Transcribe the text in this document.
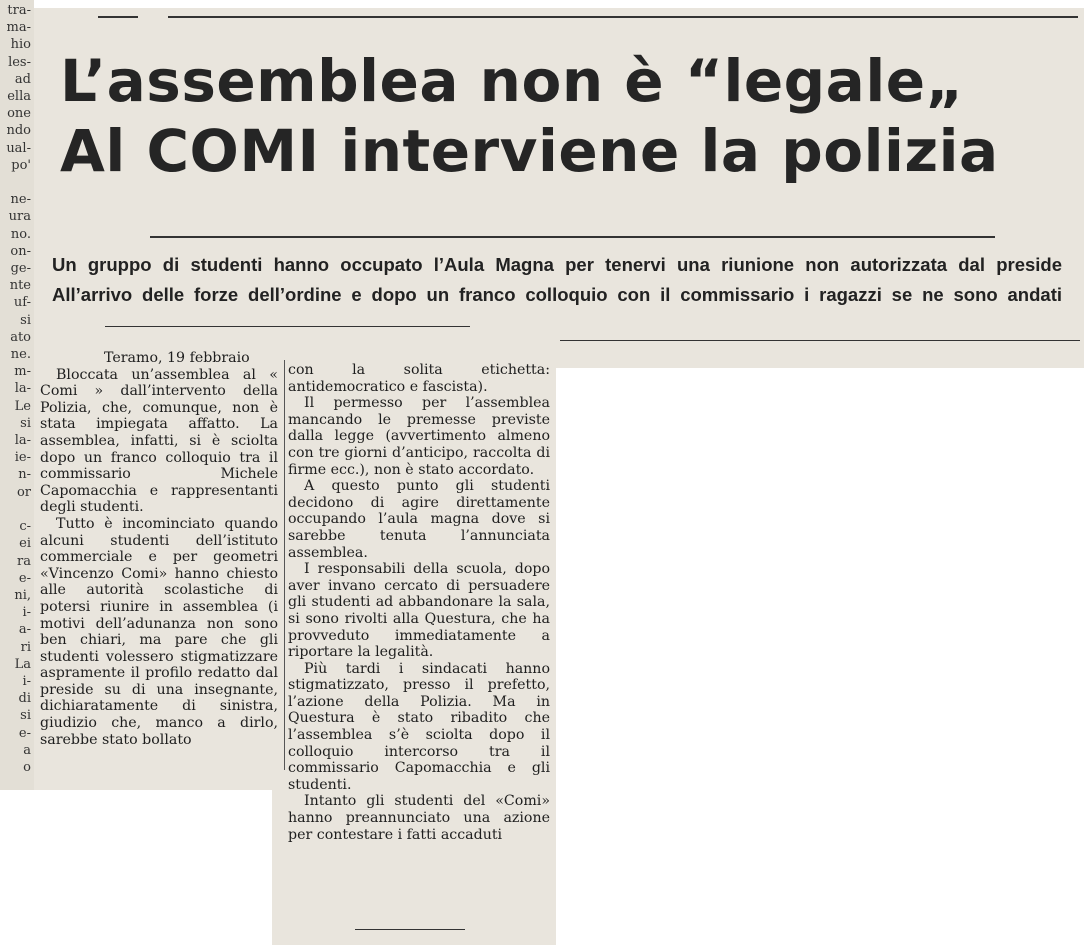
tra-
ma-
hio
les-
ad
ella
one
ndo
ual-
po'

ne-
ura
no.
on-
ge-
nte
uf-
si
ato
ne.
m-
la-
Le
si
la-
ie-
n-
or

c-
ei
ra
e-
ni,
i-
a-
ri
La
i-
di
si
e-
a
o
L’assemblea non è “legale„
Al COMI interviene la polizia
Un gruppo di studenti hanno occupato l’Aula Magna per tenervi una riunione non autorizzata dal preside
All’arrivo delle forze dell’ordine e dopo un franco colloquio con il commissario i ragazzi se ne sono andati

Teramo, 19 febbraio

Bloccata un’assemblea al « Comi » dall’intervento della Polizia, che, comunque, non è stata impiegata affatto. La assemblea, infatti, si è sciolta dopo un franco colloquio tra il commissario Michele Capomacchia e rappresentanti degli studenti.

Tutto è incominciato quando alcuni studenti dell’istituto commerciale e per geometri «Vincenzo Comi» hanno chiesto alle autorità scolastiche di potersi riunire in assemblea (i motivi dell’adunanza non sono ben chiari, ma pare che gli studenti volessero stigmatizzare aspramente il profilo redatto dal preside su di una insegnante, dichiaratamente di sinistra, giudizio che, manco a dirlo, sarebbe stato bollato

con la solita etichetta: antidemocratico e fascista).

Il permesso per l’assemblea mancando le premesse previste dalla legge (avvertimento almeno con tre giorni d’anticipo, raccolta di firme ecc.), non è stato accordato.

A questo punto gli studenti decidono di agire direttamente occupando l’aula magna dove si sarebbe tenuta l’annunciata assemblea.

I responsabili della scuola, dopo aver invano cercato di persuadere gli studenti ad abbandonare la sala, si sono rivolti alla Questura, che ha provveduto immediatamente a riportare la legalità.

Più tardi i sindacati hanno stigmatizzato, presso il prefetto, l’azione della Polizia. Ma in Questura è stato ribadito che l’assemblea s’è sciolta dopo il colloquio intercorso tra il commissario Capomacchia e gli studenti.

Intanto gli studenti del «Comi» hanno preannunciato una azione per contestare i fatti accaduti
